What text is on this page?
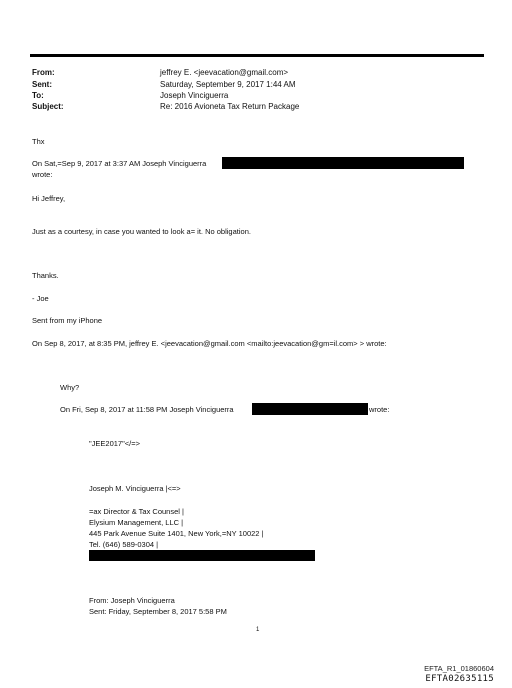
From:	jeffrey E. <jeevacation@gmail.com>
Sent:	Saturday, September 9, 2017 1:44 AM
To:	Joseph Vinciguerra
Subject:	Re: 2016 Avioneta Tax Return Package
Thx
On Sat,=Sep 9, 2017 at 3:37 AM Joseph Vinciguerra
wrote:
Hi Jeffrey,
Just as a courtesy, in case you wanted to look a= it. No obligation.
Thanks.
- Joe
Sent from my iPhone
On Sep 8, 2017, at 8:35 PM, jeffrey E. <jeevacation@gmail.com <mailto:jeevacation@gm=il.com> > wrote:
Why?
On Fri, Sep 8, 2017 at 11:58 PM Joseph Vinciguerra	wrote:
"JEE2017"</=>
Joseph M. Vinciguerra |<=>
=ax Director & Tax Counsel |
Elysium Management, LLC |
445 Park Avenue Suite 1401, New York,=NY 10022 |
Tel. (646) 589-0304 |
From: Joseph Vinciguerra
Sent: Friday, September 8, 2017 5:58 PM
1
EFTA_R1_01860604
EFTA02635115
